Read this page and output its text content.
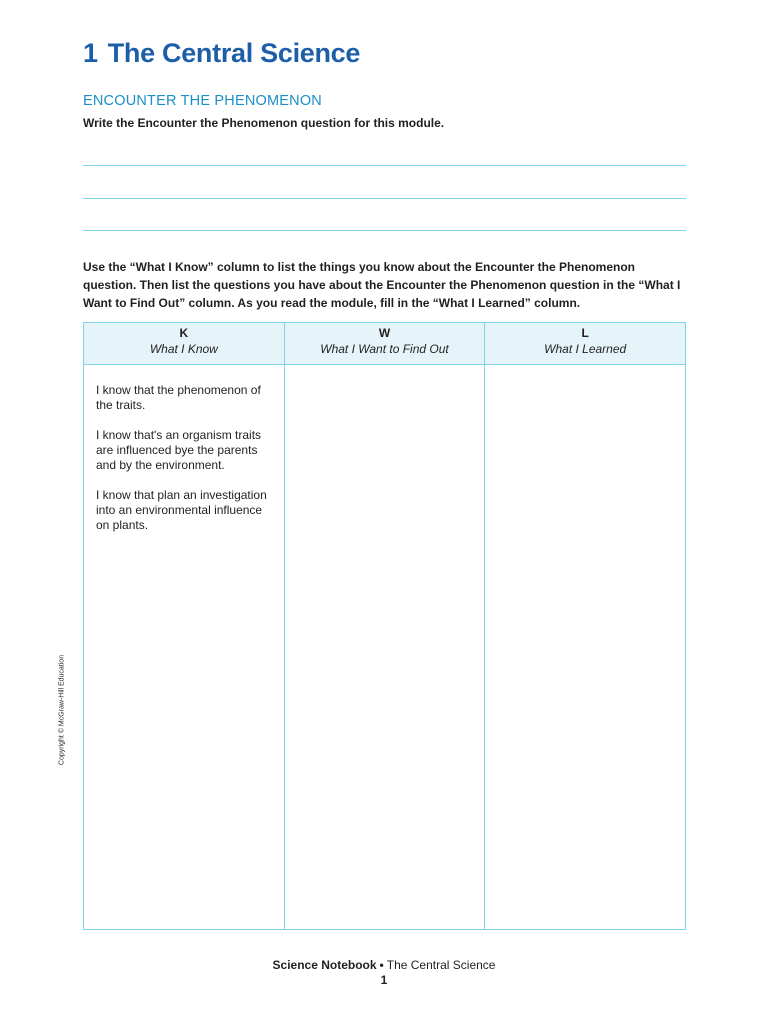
1 The Central Science
ENCOUNTER THE PHENOMENON
Write the Encounter the Phenomenon question for this module.
Use the “What I Know” column to list the things you know about the Encounter the Phenomenon question. Then list the questions you have about the Encounter the Phenomenon question in the “What I Want to Find Out” column. As you read the module, fill in the “What I Learned” column.
K
What I Know

I know that the phenomenon of the traits.

I know that's an organism traits are influenced bye the parents and by the environment.

I know that plan an investigation into an environmental influence on plants.

W
What I Want to Find Out
L
What I Learned
Copyright © McGraw-Hill Education
Science Notebook • The Central Science
1
